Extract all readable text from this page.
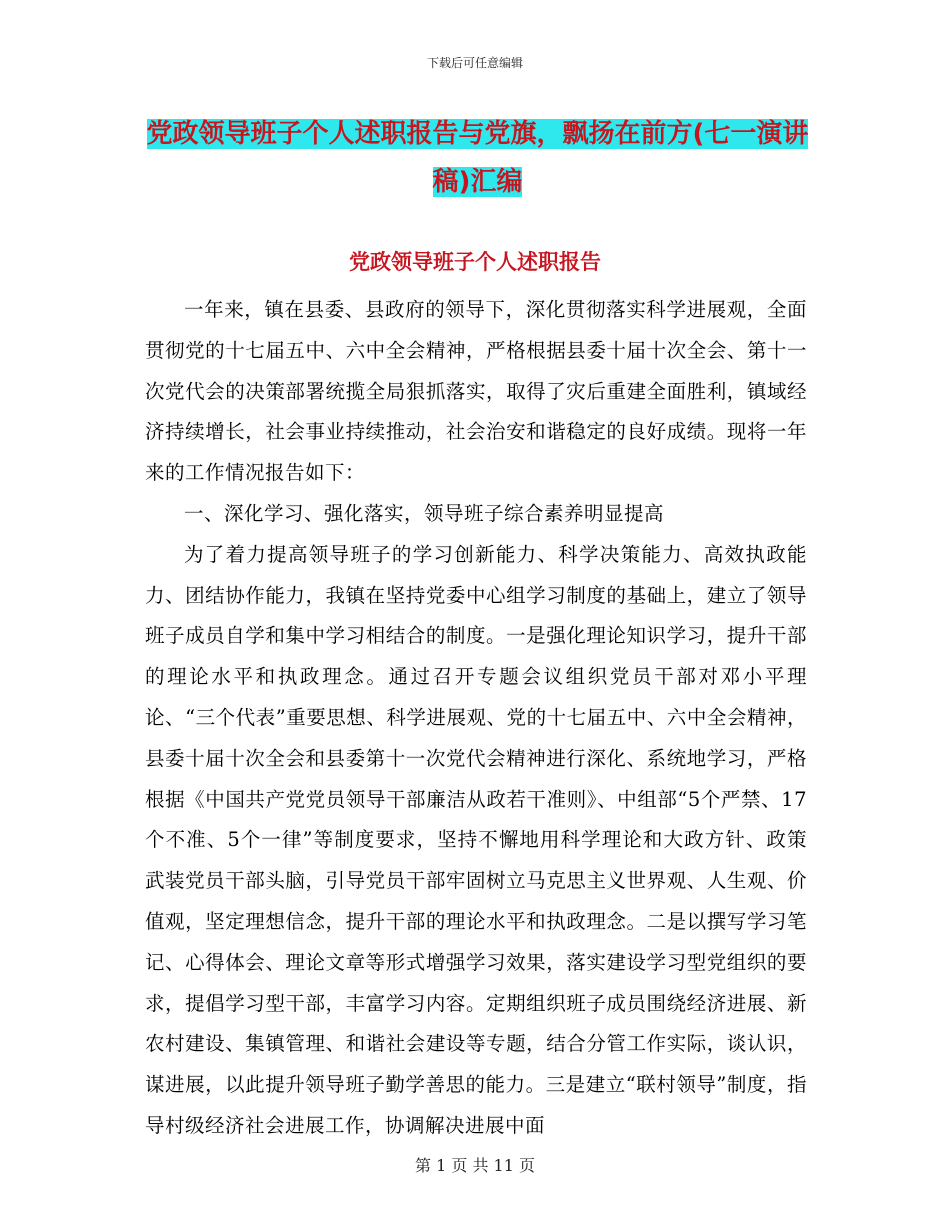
下载后可任意编辑
党政领导班子个人述职报告与党旗，飘扬在前方(七一演讲稿)汇编
党政领导班子个人述职报告

一年来，镇在县委、县政府的领导下，深化贯彻落实科学进展观，全面贯彻党的十七届五中、六中全会精神，严格根据县委十届十次全会、第十一次党代会的决策部署统揽全局狠抓落实，取得了灾后重建全面胜利，镇域经济持续增长，社会事业持续推动，社会治安和谐稳定的良好成绩。现将一年来的工作情况报告如下：

一、深化学习、强化落实，领导班子综合素养明显提高

为了着力提高领导班子的学习创新能力、科学决策能力、高效执政能力、团结协作能力，我镇在坚持党委中心组学习制度的基础上，建立了领导班子成员自学和集中学习相结合的制度。一是强化理论知识学习，提升干部的理论水平和执政理念。通过召开专题会议组织党员干部对邓小平理论、“三个代表”重要思想、科学进展观、党的十七届五中、六中全会精神，县委十届十次全会和县委第十一次党代会精神进行深化、系统地学习，严格根据《中国共产党党员领导干部廉洁从政若干准则》、中组部“5个严禁、17个不准、5个一律”等制度要求，坚持不懈地用科学理论和大政方针、政策武装党员干部头脑，引导党员干部牢固树立马克思主义世界观、人生观、价值观，坚定理想信念，提升干部的理论水平和执政理念。二是以撰写学习笔记、心得体会、理论文章等形式增强学习效果，落实建设学习型党组织的要求，提倡学习型干部，丰富学习内容。定期组织班子成员围绕经济进展、新农村建设、集镇管理、和谐社会建设等专题，结合分管工作实际，谈认识，谋进展，以此提升领导班子勤学善思的能力。三是建立“联村领导”制度，指导村级经济社会进展工作，协调解决进展中面

第 1 页 共 11 页
